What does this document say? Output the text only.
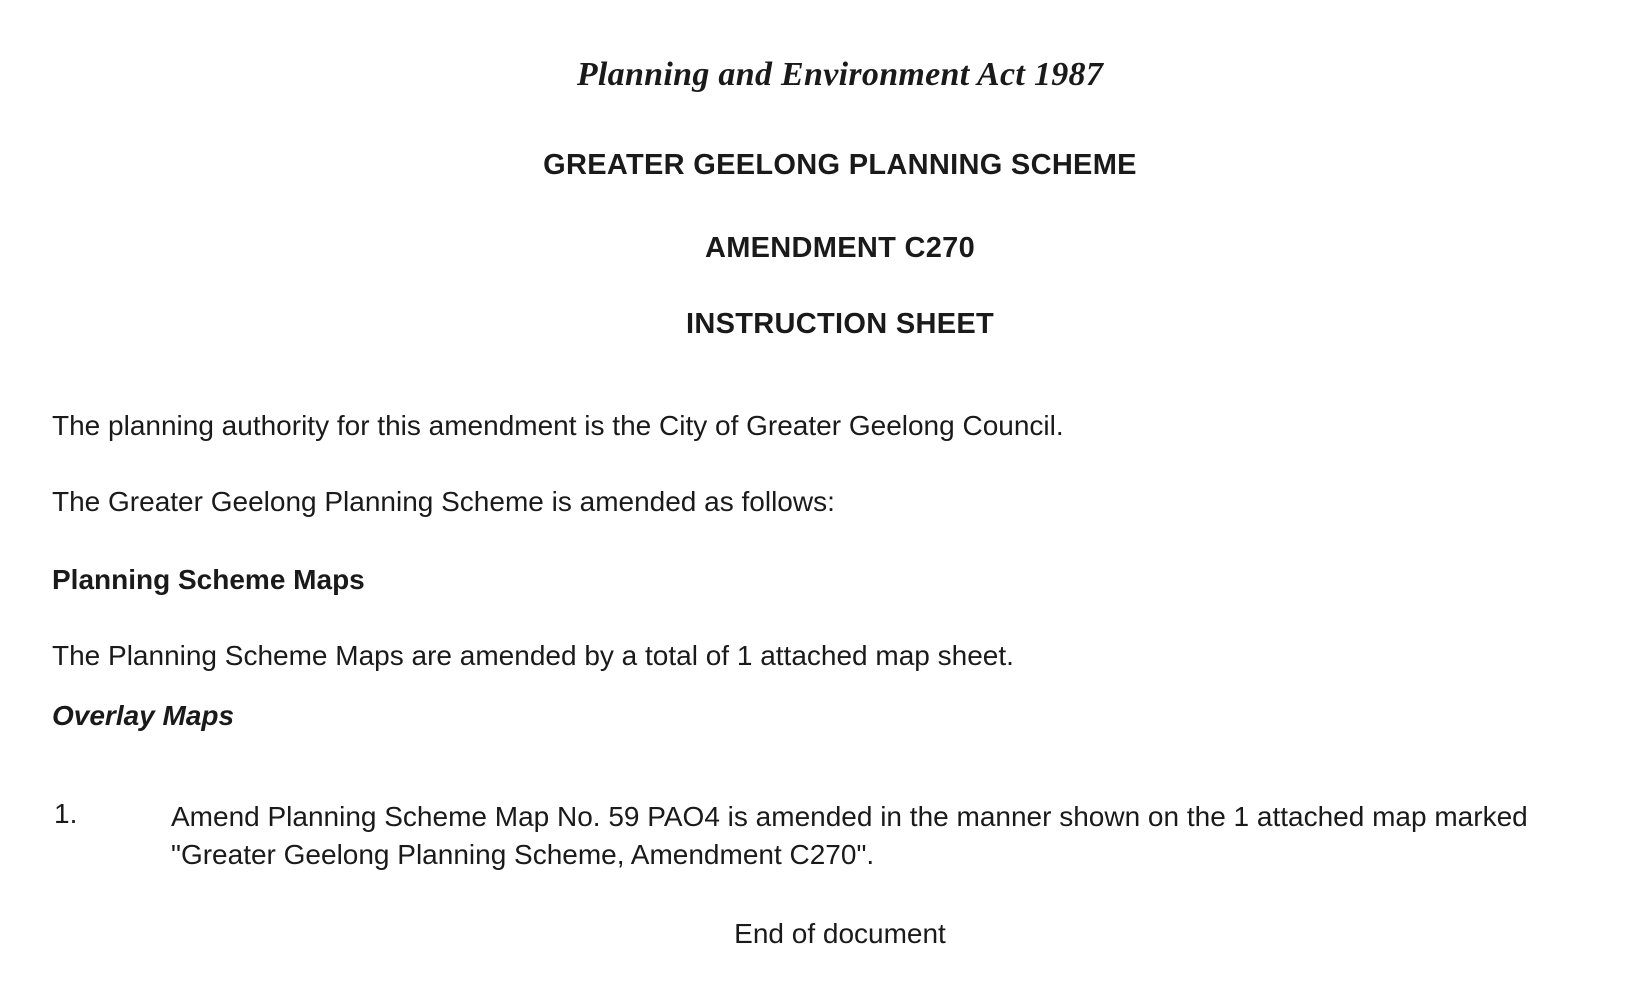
Planning and Environment Act 1987
GREATER GEELONG PLANNING SCHEME
AMENDMENT C270
INSTRUCTION SHEET
The planning authority for this amendment is the City of Greater Geelong Council.
The Greater Geelong Planning Scheme is amended as follows:
Planning Scheme Maps
The Planning Scheme Maps are amended by a total of 1 attached map sheet.
Overlay Maps
1.	Amend Planning Scheme Map No. 59 PAO4 is amended in the manner shown on the 1 attached map marked "Greater Geelong Planning Scheme, Amendment C270".
End of document
